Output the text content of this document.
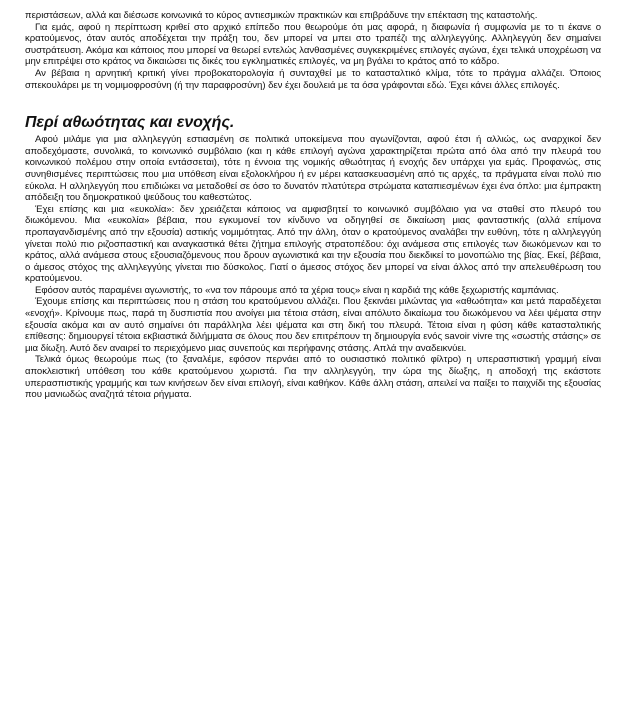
περιστάσεων, αλλά και διέσωσε κοινωνικά το κύρος αντιεσμικών πρακτικών και επιβράδυνε την επέκταση της καταστολής.

Για εμάς, αφού η περίπτωση κριθεί στο αρχικό επίπεδο που θεωρούμε ότι μας αφορά, η διαφωνία ή συμφωνία με το τι έκανε ο κρατούμενος, όταν αυτός αποδέχεται την πράξη του, δεν μπορεί να μπει στο τραπέζι της αλληλεγγύης. Αλληλεγγύη δεν σημαίνει συστράτευση. Ακόμα και κάποιος που μπορεί να θεωρεί εντελώς λανθασμένες συγκεκριμένες επιλογές αγώνα, έχει τελικά υποχρέωση να μην επιτρέψει στο κράτος να δικαιώσει τις δικές του εγκληματικές επιλογές, να μη βγάλει το κράτος από το κάδρο.

Αν βέβαια η αρνητική κριτική γίνει προβοκατορολογία ή συνταχθεί με το κατασταλτικό κλίμα, τότε το πράγμα αλλάζει. Όποιος σπεκουλάρει με τη νομιμοφροσύνη (ή την παραφροσύνη) δεν έχει δουλειά με τα όσα γράφονται εδώ. Έχει κάνει άλλες επιλογές.

Περί αθωότητας και ενοχής.

Αφού μιλάμε για μια αλληλεγγύη εστιασμένη σε πολιτικά υποκείμενα που αγωνίζονται, αφού έτσι ή αλλιώς, ως αναρχικοί δεν αποδεχόμαστε, συνολικά, το κοινωνικό συμβόλαιο (και η κάθε επιλογή αγώνα χαρακτηρίζεται πρώτα από όλα από την πλευρά του κοινωνικού πολέμου στην οποία εντάσσεται), τότε η έννοια της νομικής αθωότητας ή ενοχής δεν υπάρχει για εμάς. Προφανώς, στις συνηθισμένες περιπτώσεις που μια υπόθεση είναι εξολοκλήρου ή εν μέρει κατασκευασμένη από τις αρχές, τα πράγματα είναι πολύ πιο εύκολα. Η αλληλεγγύη που επιδιώκει να μεταδοθεί σε όσο το δυνατόν πλατύτερα στρώματα καταπιεσμένων έχει ένα όπλο: μια έμπρακτη απόδειξη του δημοκρατικού ψεύδους του καθεστώτος.

Έχει επίσης και μια «ευκολία»: δεν χρειάζεται κάποιος να αμφισβητεί το κοινωνικό συμβόλαιο για να σταθεί στο πλευρό του διωκόμενου. Μια «ευκολία» βέβαια, που εγκυμονεί τον κίνδυνο να οδηγηθεί σε δικαίωση μιας φανταστικής (αλλά επίμονα προπαγανδισμένης από την εξουσία) αστικής νομιμότητας. Από την άλλη, όταν ο κρατούμενος αναλάβει την ευθύνη, τότε η αλληλεγγύη γίνεται πολύ πιο ριζοσπαστική και αναγκαστικά θέτει ζήτημα επιλογής στρατοπέδου: όχι ανάμεσα στις επιλογές των διωκόμενων και το κράτος, αλλά ανάμεσα στους εξουσιαζόμενους που δρουν αγωνιστικά και την εξουσία που διεκδικεί το μονοπώλιο της βίας. Εκεί, βέβαια, ο άμεσος στόχος της αλληλεγγύης γίνεται πιο δύσκολος. Γιατί ο άμεσος στόχος δεν μπορεί να είναι άλλος από την απελευθέρωση του κρατούμενου.

Εφόσον αυτός παραμένει αγωνιστής, το «να τον πάρουμε από τα χέρια τους» είναι η καρδιά της κάθε ξεχωριστής καμπάνιας.

Έχουμε επίσης και περιπτώσεις που η στάση του κρατούμενου αλλάζει. Που ξεκινάει μιλώντας για «αθωότητα» και μετά παραδέχεται «ενοχή». Κρίνουμε πως, παρά τη δυσπιστία που ανοίγει μια τέτοια στάση, είναι απόλυτο δικαίωμα του διωκόμενου να λέει ψέματα στην εξουσία ακόμα και αν αυτό σημαίνει ότι παράλληλα λέει ψέματα και στη δική του πλευρά. Τέτοια είναι η φύση κάθε κατασταλτικής επίθεσης: δημιουργεί τέτοια εκβιαστικά διλήμματα σε όλους που δεν επιτρέπουν τη δημιουργία ενός savoir vivre της «σωστής στάσης» σε μια δίωξη. Αυτό δεν αναιρεί το περιεχόμενο μιας συνεπούς και περήφανης στάσης. Απλά την αναδεικνύει.

Τελικά όμως θεωρούμε πως (το ξαναλέμε, εφόσον περνάει από το ουσιαστικό πολιτικό φίλτρο) η υπερασπιστική γραμμή είναι αποκλειστική υπόθεση του κάθε κρατούμενου χωριστά. Για την αλληλεγγύη, την ώρα της δίωξης, η αποδοχή της εκάστοτε υπερασπιστικής γραμμής και των κινήσεων δεν είναι επιλογή, είναι καθήκον. Κάθε άλλη στάση, απειλεί να παίξει το παιχνίδι της εξουσίας που μανιωδώς αναζητά τέτοια ρήγματα.
